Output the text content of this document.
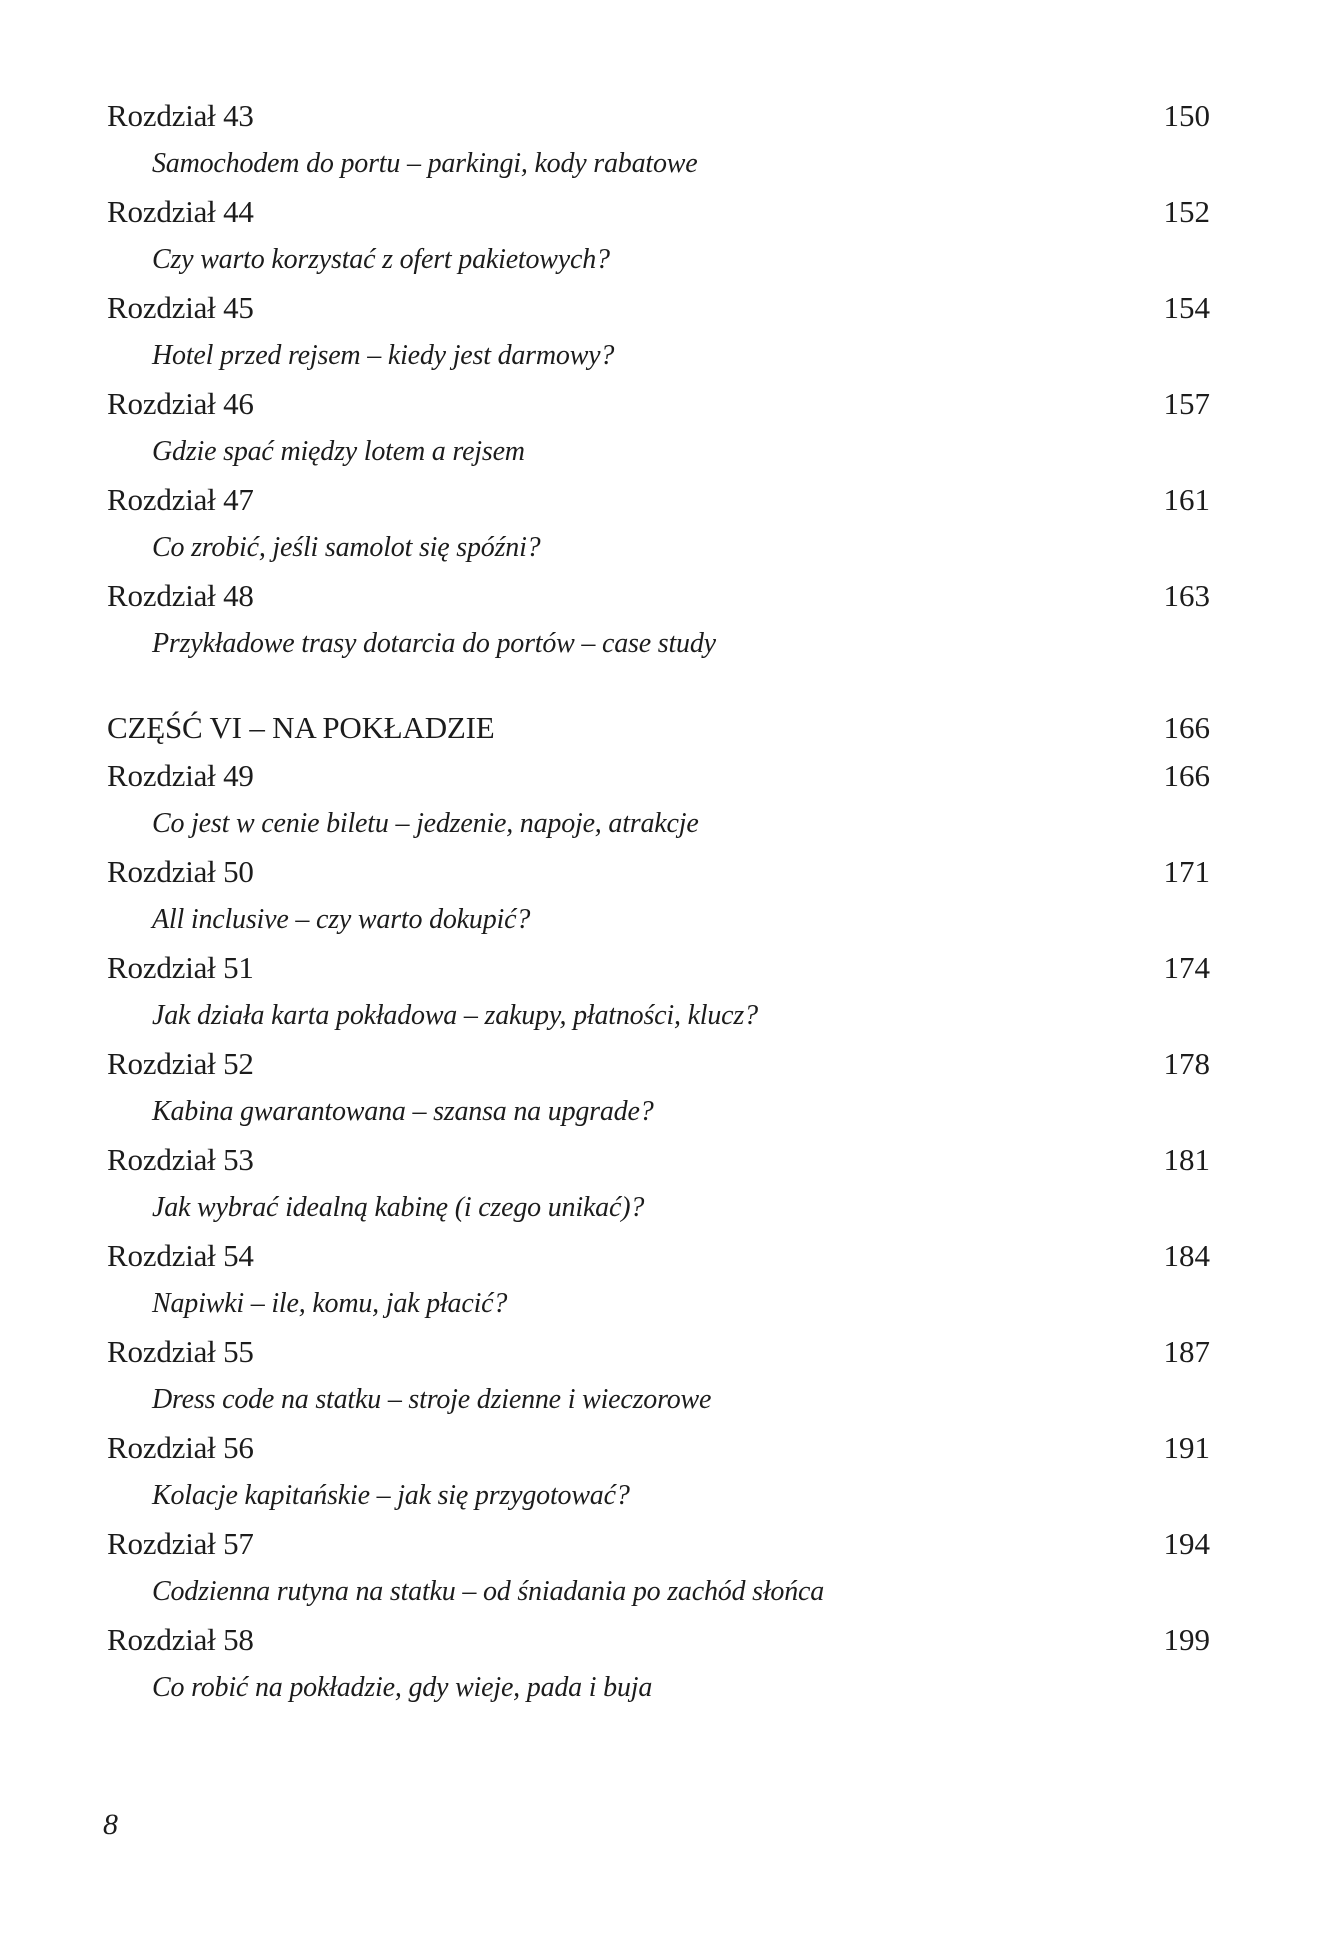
Rozdział 43	150
Samochodem do portu – parkingi, kody rabatowe
Rozdział 44	152
Czy warto korzystać z ofert pakietowych?
Rozdział 45	154
Hotel przed rejsem – kiedy jest darmowy?
Rozdział 46	157
Gdzie spać między lotem a rejsem
Rozdział 47	161
Co zrobić, jeśli samolot się spóźni?
Rozdział 48	163
Przykładowe trasy dotarcia do portów – case study
CZĘŚĆ VI – NA POKŁADZIE	166
Rozdział 49	166
Co jest w cenie biletu – jedzenie, napoje, atrakcje
Rozdział 50	171
All inclusive – czy warto dokupić?
Rozdział 51	174
Jak działa karta pokładowa – zakupy, płatności, klucz?
Rozdział 52	178
Kabina gwarantowana – szansa na upgrade?
Rozdział 53	181
Jak wybrać idealną kabinę (i czego unikać)?
Rozdział 54	184
Napiwki – ile, komu, jak płacić?
Rozdział 55	187
Dress code na statku – stroje dzienne i wieczorowe
Rozdział 56	191
Kolacje kapitańskie – jak się przygotować?
Rozdział 57	194
Codzienna rutyna na statku – od śniadania po zachód słońca
Rozdział 58	199
Co robić na pokładzie, gdy wieje, pada i buja
8
